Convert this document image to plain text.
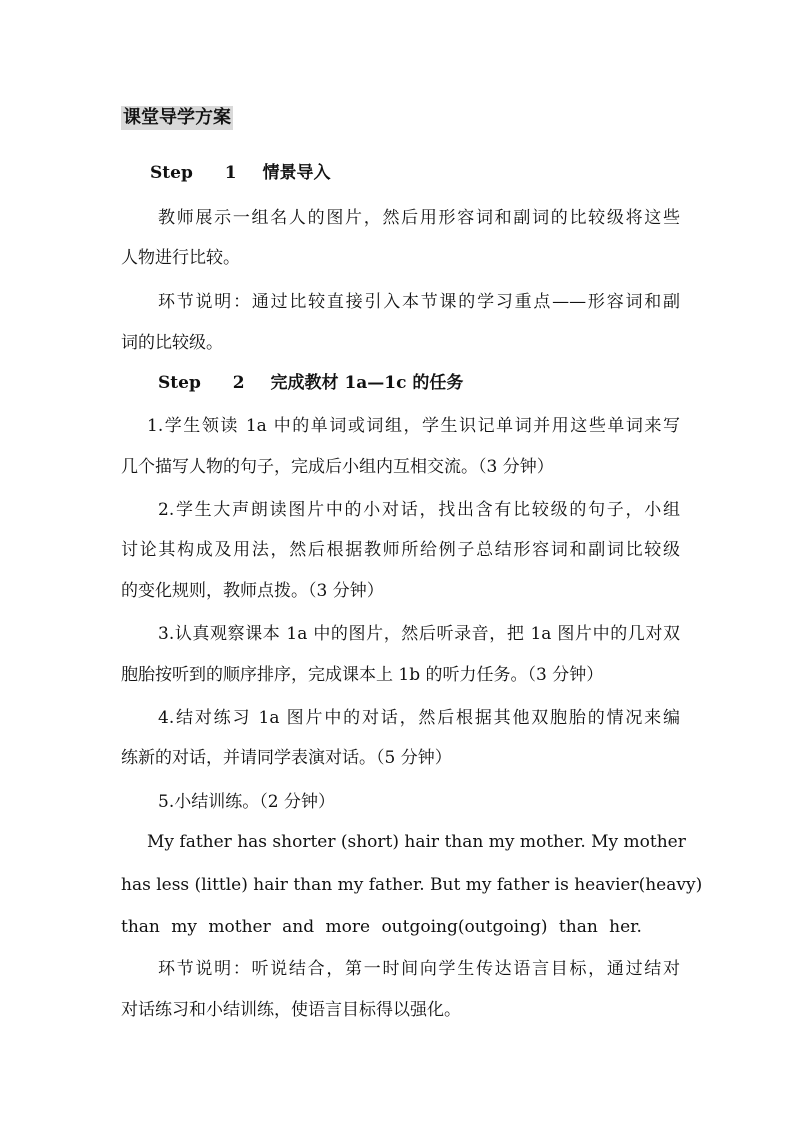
课堂导学方案
Step 1 情景导入
教师展示一组名人的图片，然后用形容词和副词的比较级将这些
人物进行比较。
环节说明：通过比较直接引入本节课的学习重点——形容词和副
词的比较级。
Step 2 完成教材 1a—1c 的任务
1.学生领读 1a 中的单词或词组，学生识记单词并用这些单词来写
几个描写人物的句子，完成后小组内互相交流。（3 分钟）
2.学生大声朗读图片中的小对话，找出含有比较级的句子，小组
讨论其构成及用法，然后根据教师所给例子总结形容词和副词比较级
的变化规则，教师点拨。（3 分钟）
3.认真观察课本 1a 中的图片，然后听录音，把 1a 图片中的几对双
胞胎按听到的顺序排序，完成课本上 1b 的听力任务。（3 分钟）
4.结对练习 1a 图片中的对话，然后根据其他双胞胎的情况来编
练新的对话，并请同学表演对话。（5 分钟）
5.小结训练。（2 分钟）
My father has shorter (short) hair than my mother. My mother
has less (little) hair than my father. But my father is heavier(heavy)
than my mother and more outgoing(outgoing) than her.
环节说明：听说结合，第一时间向学生传达语言目标，通过结对
对话练习和小结训练，使语言目标得以强化。
